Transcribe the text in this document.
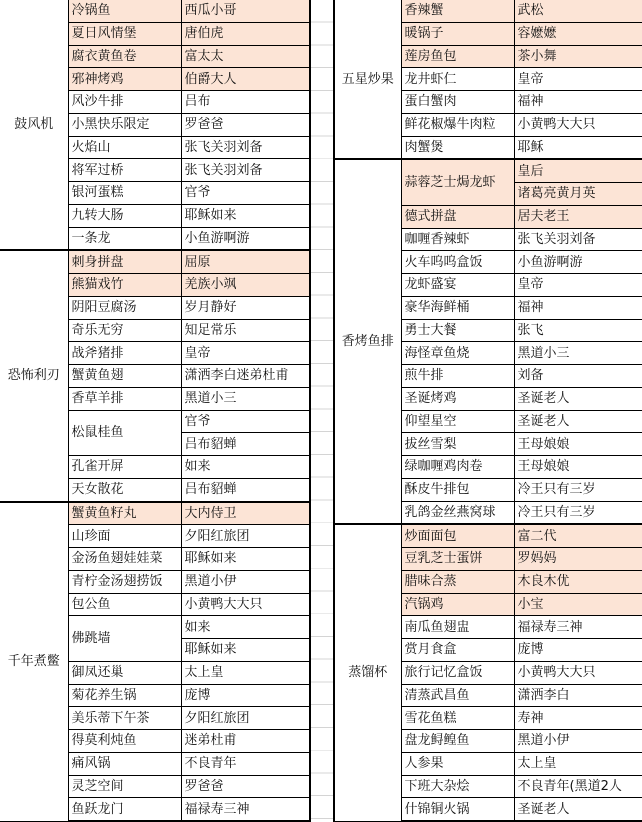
鼓风机	冷锅鱼	西瓜小哥
	夏日风情堡	唐伯虎
	腐衣黄鱼卷	富太太
	邪神烤鸡	伯爵大人
	风沙牛排	吕布
	小黑快乐限定	罗爸爸
	火焰山	张飞关羽刘备
	将军过桥	张飞关羽刘备
	银河蛋糕	官爷
	九转大肠	耶稣如来
	一条龙	小鱼游啊游
恐怖利刃	刺身拼盘	屈原
	熊猫戏竹	羌族小飒
	阴阳豆腐汤	岁月静好
	奇乐无穷	知足常乐
	战斧猪排	皇帝
	蟹黄鱼翅	潇洒李白迷弟杜甫
	香草羊排	黑道小三
	松鼠桂鱼	官爷
		吕布貂蝉
	孔雀开屏	如来
	天女散花	吕布貂蝉
千年煮鳖	蟹黄鱼籽丸	大内侍卫
	山珍面	夕阳红旅团
	金汤鱼翅娃娃菜	耶稣如来
	青柠金汤翅捞饭	黑道小伊
	包公鱼	小黄鸭大大只
	佛跳墙	如来
		耶稣如来
	御凤还巢	太上皇
	菊花养生锅	庞博
	美乐蒂下午茶	夕阳红旅团
	得莫利炖鱼	迷弟杜甫
	痛风锅	不良青年
	灵芝空间	罗爸爸
	鱼跃龙门	福禄寿三神
五星炒果	香辣蟹	武松
	暖锅子	容嬷嬷
	莲房鱼包	茶小舞
	龙井虾仁	皇帝
	蛋白蟹肉	福神
	鲜花椒爆牛肉粒	小黄鸭大大只
	肉蟹煲	耶稣
香烤鱼排	蒜蓉芝士焗龙虾	皇后
		诸葛亮黄月英
	德式拼盘	居夫老王
	咖喱香辣虾	张飞关羽刘备
	火车呜呜盒饭	小鱼游啊游
	龙虾盛宴	皇帝
	豪华海鲜桶	福神
	勇士大餐	张飞
	海怪章鱼烧	黑道小三
	煎牛排	刘备
	圣诞烤鸡	圣诞老人
	仰望星空	圣诞老人
	拔丝雪梨	王母娘娘
	绿咖喱鸡肉卷	王母娘娘
	酥皮牛排包	冷王只有三岁
	乳鸽金丝燕窝球	冷王只有三岁
蒸馏杯	炒面面包	富二代
	豆乳芝士蛋饼	罗妈妈
	腊味合蒸	木良木优
	汽锅鸡	小宝
	南瓜鱼翅盅	福禄寿三神
	赏月食盒	庞博
	旅行记忆盒饭	小黄鸭大大只
	清蒸武昌鱼	潇洒李白
	雪花鱼糕	寿神
	盘龙鲟鳇鱼	黑道小伊
	人参果	太上皇
	下班大杂烩	不良青年(黑道2人
	什锦铜火锅	圣诞老人
